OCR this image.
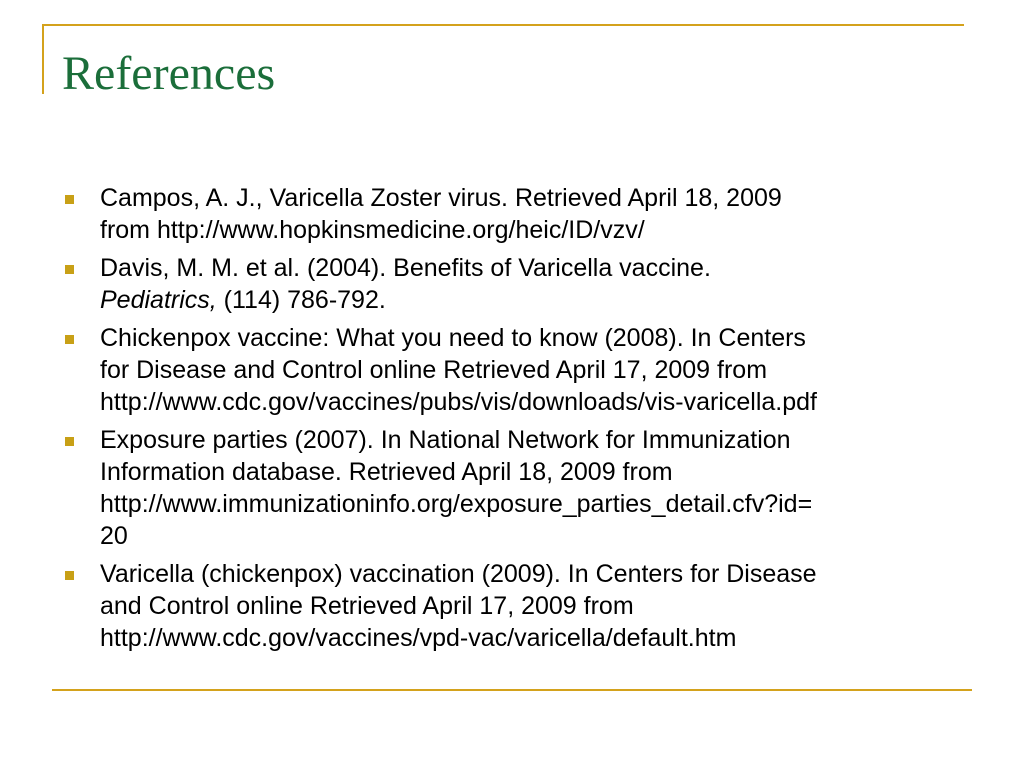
References
Campos, A. J., Varicella Zoster virus. Retrieved April 18, 2009
from http://www.hopkinsmedicine.org/heic/ID/vzv/
Davis, M. M. et al. (2004). Benefits of Varicella vaccine.
Pediatrics, (114) 786-792.
Chickenpox vaccine: What you need to know (2008). In Centers
for Disease and Control online Retrieved April 17, 2009 from
http://www.cdc.gov/vaccines/pubs/vis/downloads/vis-varicella.pdf
Exposure parties (2007). In National Network for Immunization
Information database. Retrieved April 18, 2009 from
http://www.immunizationinfo.org/exposure_parties_detail.cfv?id=
20
Varicella (chickenpox) vaccination (2009). In Centers for Disease
and Control online Retrieved April 17, 2009 from
http://www.cdc.gov/vaccines/vpd-vac/varicella/default.htm
